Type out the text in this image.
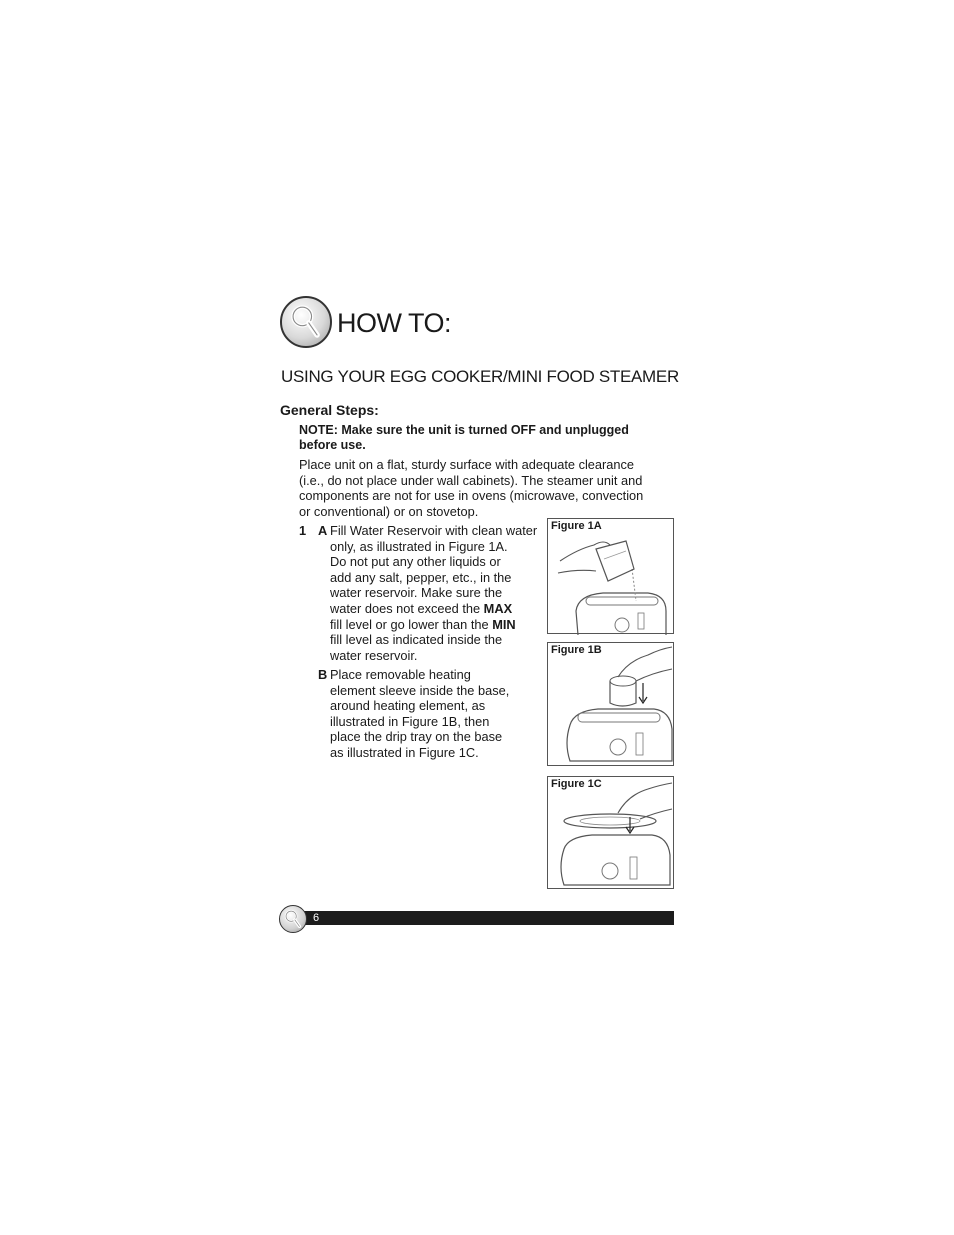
HOW TO:
USING YOUR EGG COOKER/MINI FOOD STEAMER
General Steps:
NOTE: Make sure the unit is turned OFF and unplugged
before use.
Place unit on a flat, sturdy surface with adequate clearance
(i.e., do not place under wall cabinets). The steamer unit and
components are not for use in ovens (microwave, convection
or conventional) or on stovetop.
1 A Fill Water Reservoir with clean water
only, as illustrated in Figure 1A.
Do not put any other liquids or
add any salt, pepper, etc., in the
water reservoir. Make sure the
water does not exceed the MAX
fill level or go lower than the MIN
fill level as indicated inside the
water reservoir.
B Place removable heating
element sleeve inside the base,
around heating element, as
illustrated in Figure 1B, then
place the drip tray on the base
as illustrated in Figure 1C.
Figure 1A
Figure 1B
Figure 1C
6
